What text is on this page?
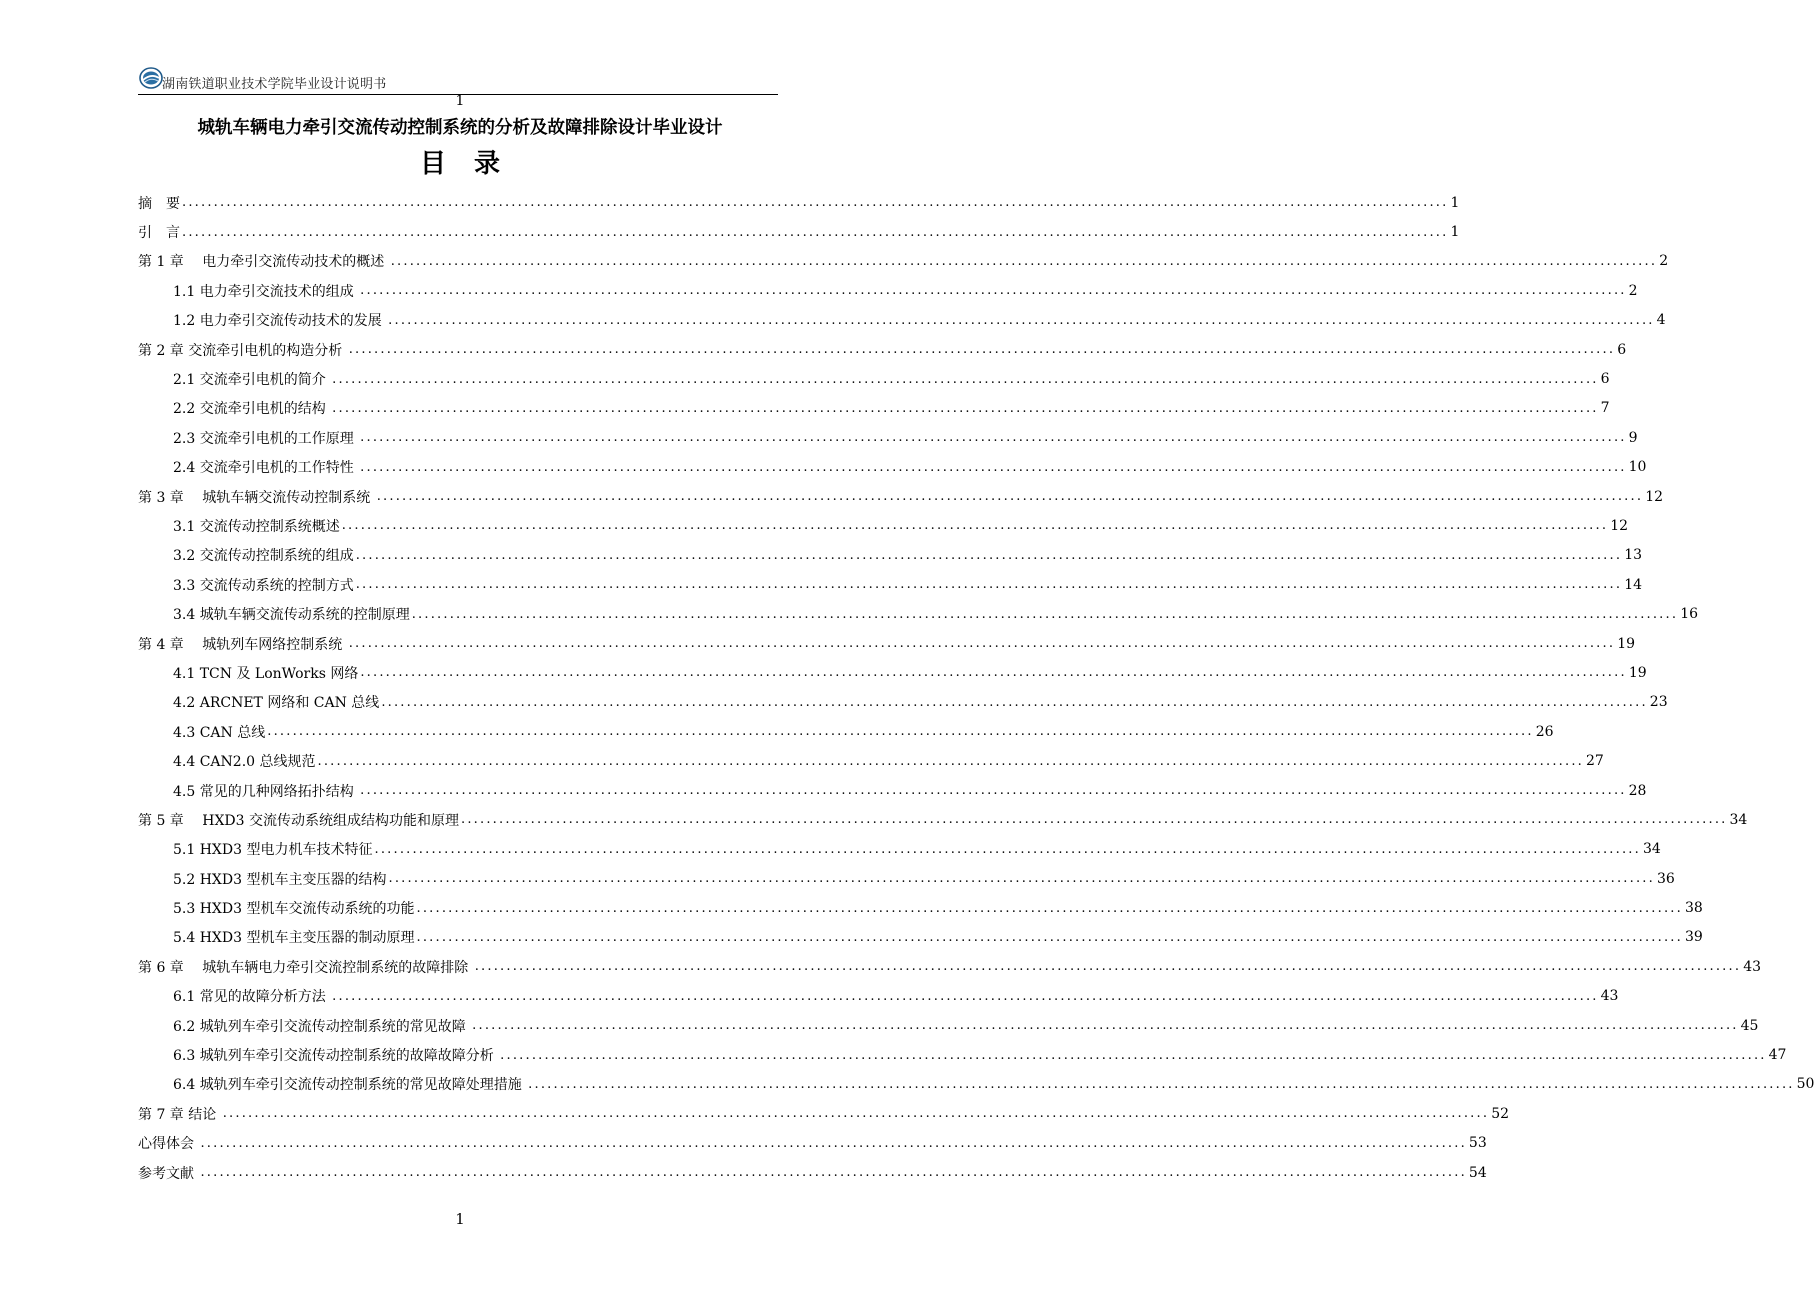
湖南铁道职业技术学院毕业设计说明书
1
城轨车辆电力牵引交流传动控制系统的分析及故障排除设计毕业设计
目录
摘　要 ........................................................................................................................................................................................................ 1
引　言 ........................................................................................................................................................................................................ 1
第 1 章　 电力牵引交流传动技术的概述 ........................................................................................................................................................................................................ 2
1.1 电力牵引交流技术的组成 ........................................................................................................................................................................................................ 2
1.2 电力牵引交流传动技术的发展 ........................................................................................................................................................................................................ 4
第 2 章 交流牵引电机的构造分析 ........................................................................................................................................................................................................ 6
2.1 交流牵引电机的简介 ........................................................................................................................................................................................................ 6
2.2 交流牵引电机的结构 ........................................................................................................................................................................................................ 7
2.3 交流牵引电机的工作原理 ........................................................................................................................................................................................................ 9
2.4 交流牵引电机的工作特性 ........................................................................................................................................................................................................ 10
第 3 章　 城轨车辆交流传动控制系统 ........................................................................................................................................................................................................ 12
3.1 交流传动控制系统概述 ........................................................................................................................................................................................................ 12
3.2 交流传动控制系统的组成 ........................................................................................................................................................................................................ 13
3.3 交流传动系统的控制方式 ........................................................................................................................................................................................................ 14
3.4 城轨车辆交流传动系统的控制原理 ........................................................................................................................................................................................................ 16
第 4 章　 城轨列车网络控制系统 ........................................................................................................................................................................................................ 19
4.1 TCN 及 LonWorks 网络 ........................................................................................................................................................................................................ 19
4.2 ARCNET 网络和 CAN 总线 ........................................................................................................................................................................................................ 23
4.3 CAN 总线 ........................................................................................................................................................................................................ 26
4.4 CAN2.0 总线规范 ........................................................................................................................................................................................................ 27
4.5 常见的几种网络拓扑结构 ........................................................................................................................................................................................................ 28
第 5 章　 HXD3 交流传动系统组成结构功能和原理 ........................................................................................................................................................................................................ 34
5.1 HXD3 型电力机车技术特征 ........................................................................................................................................................................................................ 34
5.2 HXD3 型机车主变压器的结构 ........................................................................................................................................................................................................ 36
5.3 HXD3 型机车交流传动系统的功能 ........................................................................................................................................................................................................ 38
5.4 HXD3 型机车主变压器的制动原理 ........................................................................................................................................................................................................ 39
第 6 章　 城轨车辆电力牵引交流控制系统的故障排除 ........................................................................................................................................................................................................ 43
6.1 常见的故障分析方法 ........................................................................................................................................................................................................ 43
6.2 城轨列车牵引交流传动控制系统的常见故障 ........................................................................................................................................................................................................ 45
6.3 城轨列车牵引交流传动控制系统的故障故障分析 ........................................................................................................................................................................................................ 47
6.4 城轨列车牵引交流传动控制系统的常见故障处理措施 ........................................................................................................................................................................................................ 50
第 7 章 结论 ........................................................................................................................................................................................................ 52
心得体会 ........................................................................................................................................................................................................ 53
参考文献 ........................................................................................................................................................................................................ 54
1
